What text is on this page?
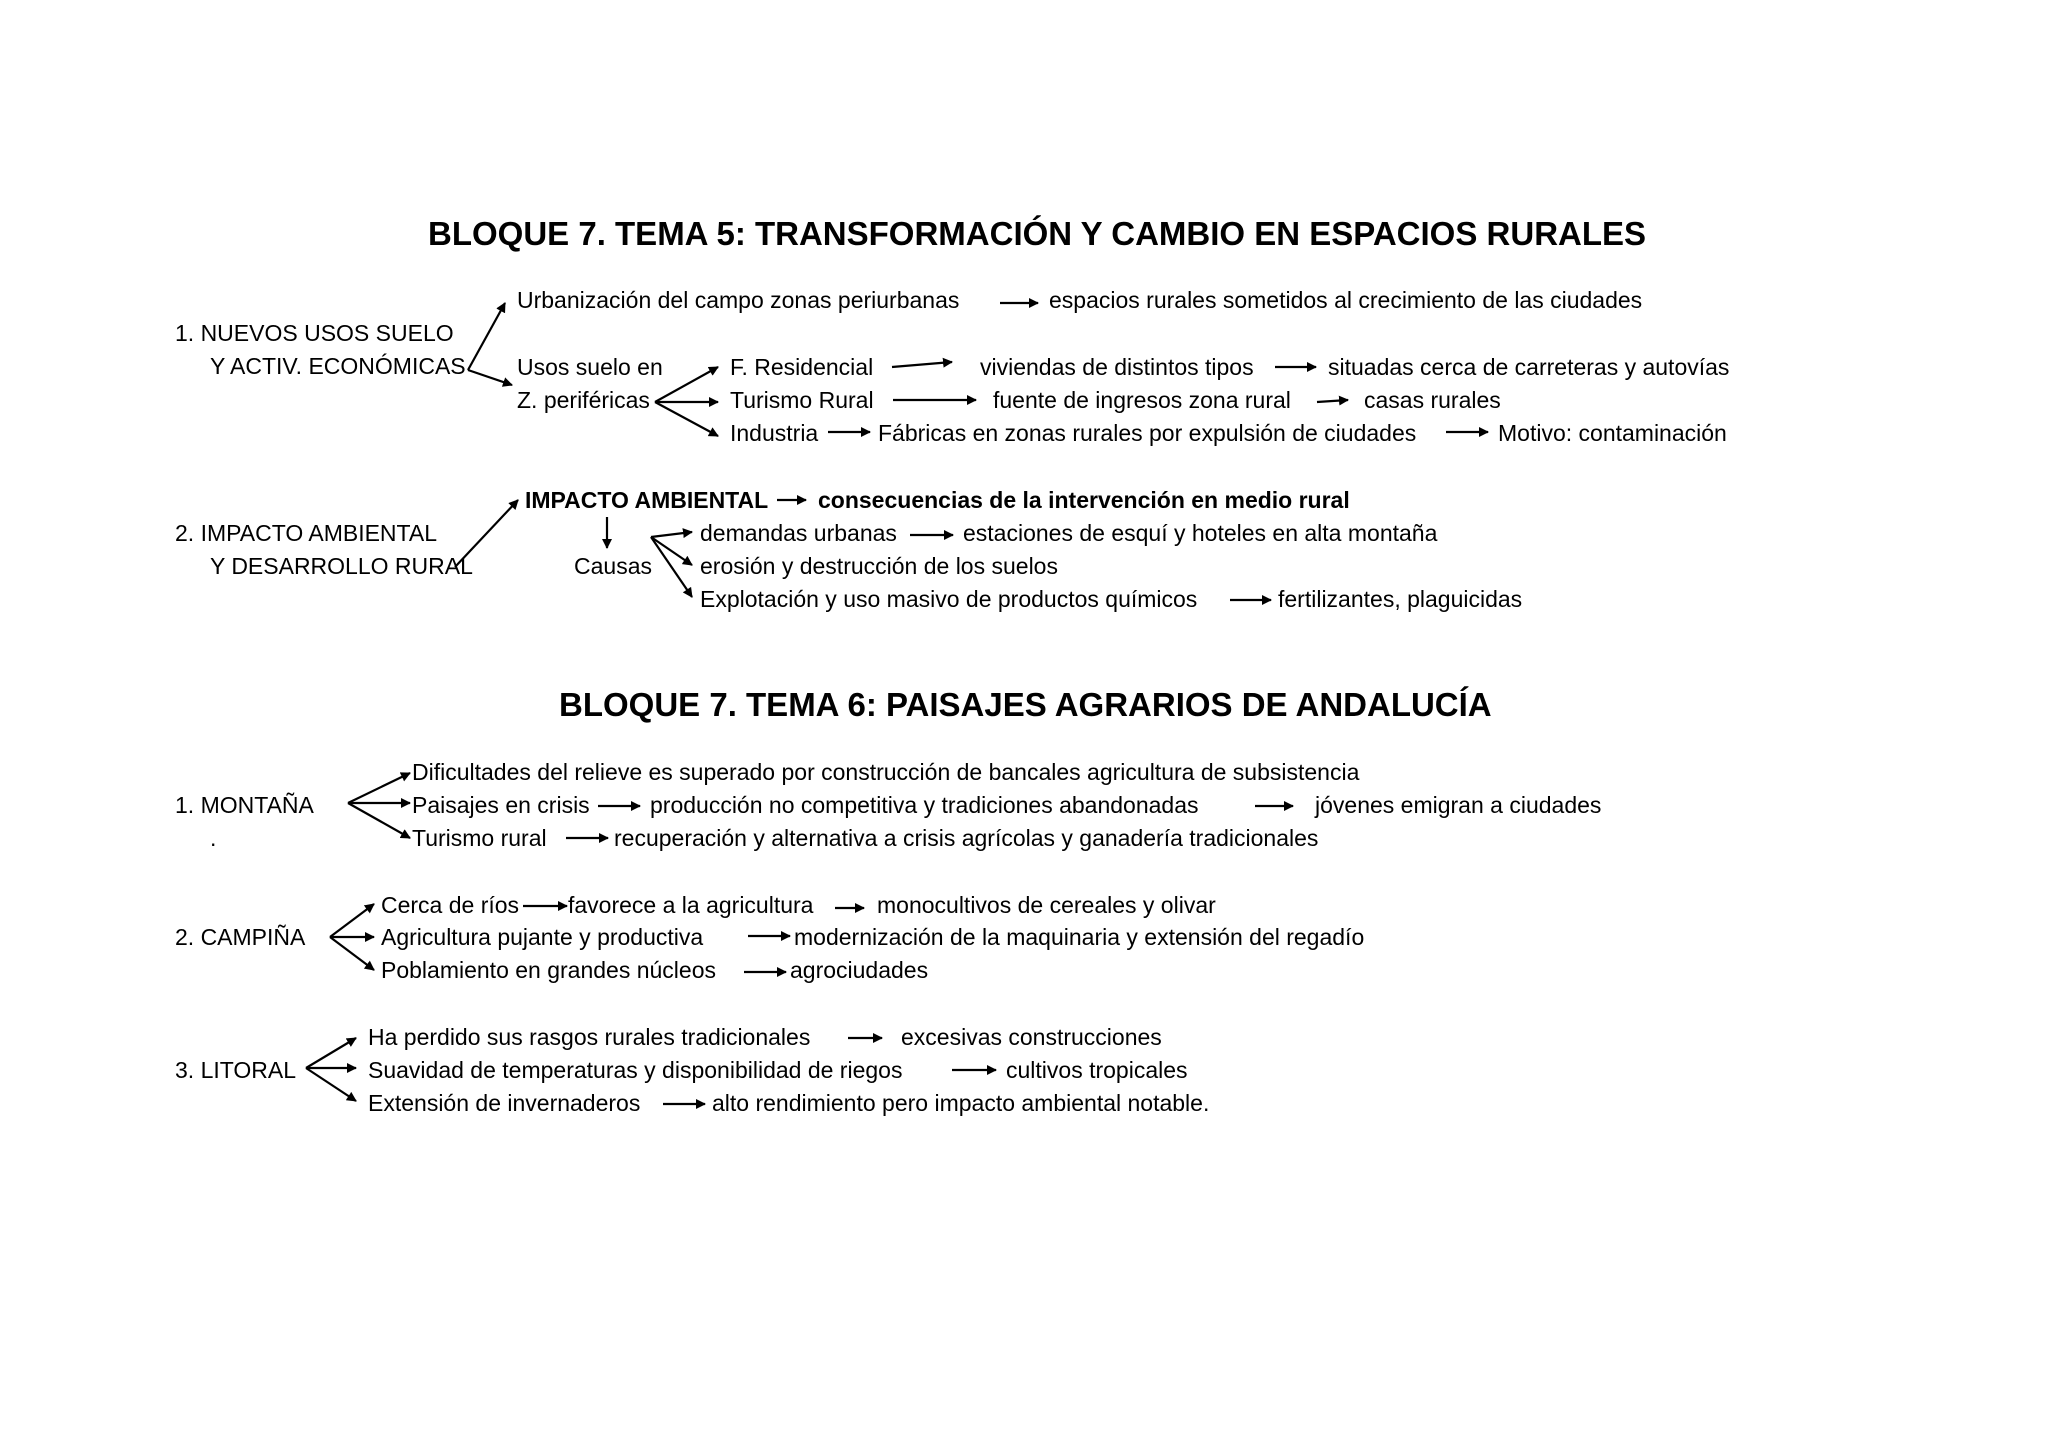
BLOQUE 7. TEMA 5: TRANSFORMACIÓN Y CAMBIO EN ESPACIOS RURALES
1. NUEVOS USOS SUELO
Y ACTIV. ECONÓMICAS
Urbanización del campo zonas periurbanas	espacios rurales sometidos al crecimiento de las ciudades
Usos suelo en
Z. periféricas
F. Residencial	viviendas de distintos tipos	situadas cerca de carreteras y autovías
Turismo Rural	fuente de ingresos zona rural	casas rurales
Industria	Fábricas en zonas rurales por expulsión de ciudades	Motivo: contaminación
2. IMPACTO AMBIENTAL
Y DESARROLLO RURAL
IMPACTO AMBIENTAL consecuencias de la intervención en medio rural
Causas
demandas urbanas	estaciones de esquí y hoteles en alta montaña
erosión y destrucción de los suelos
Explotación y uso masivo de productos químicos	fertilizantes, plaguicidas
BLOQUE 7. TEMA 6: PAISAJES AGRARIOS DE ANDALUCÍA
1. MONTAÑA
.
Dificultades del relieve es superado por construcción de bancales agricultura de subsistencia
Paisajes en crisis	producción no competitiva y tradiciones abandonadas	jóvenes emigran a ciudades
Turismo rural	recuperación y alternativa a crisis agrícolas y ganadería tradicionales
2. CAMPIÑA
Cerca de ríos favorece a la agricultura	monocultivos de cereales y olivar
Agricultura pujante y productiva	modernización de la maquinaria y extensión del regadío
Poblamiento en grandes núcleos	agrociudades
3. LITORAL
Ha perdido sus rasgos rurales tradicionales	excesivas construcciones
Suavidad de temperaturas y disponibilidad de riegos	cultivos tropicales
Extensión de invernaderos	alto rendimiento pero impacto ambiental notable.
